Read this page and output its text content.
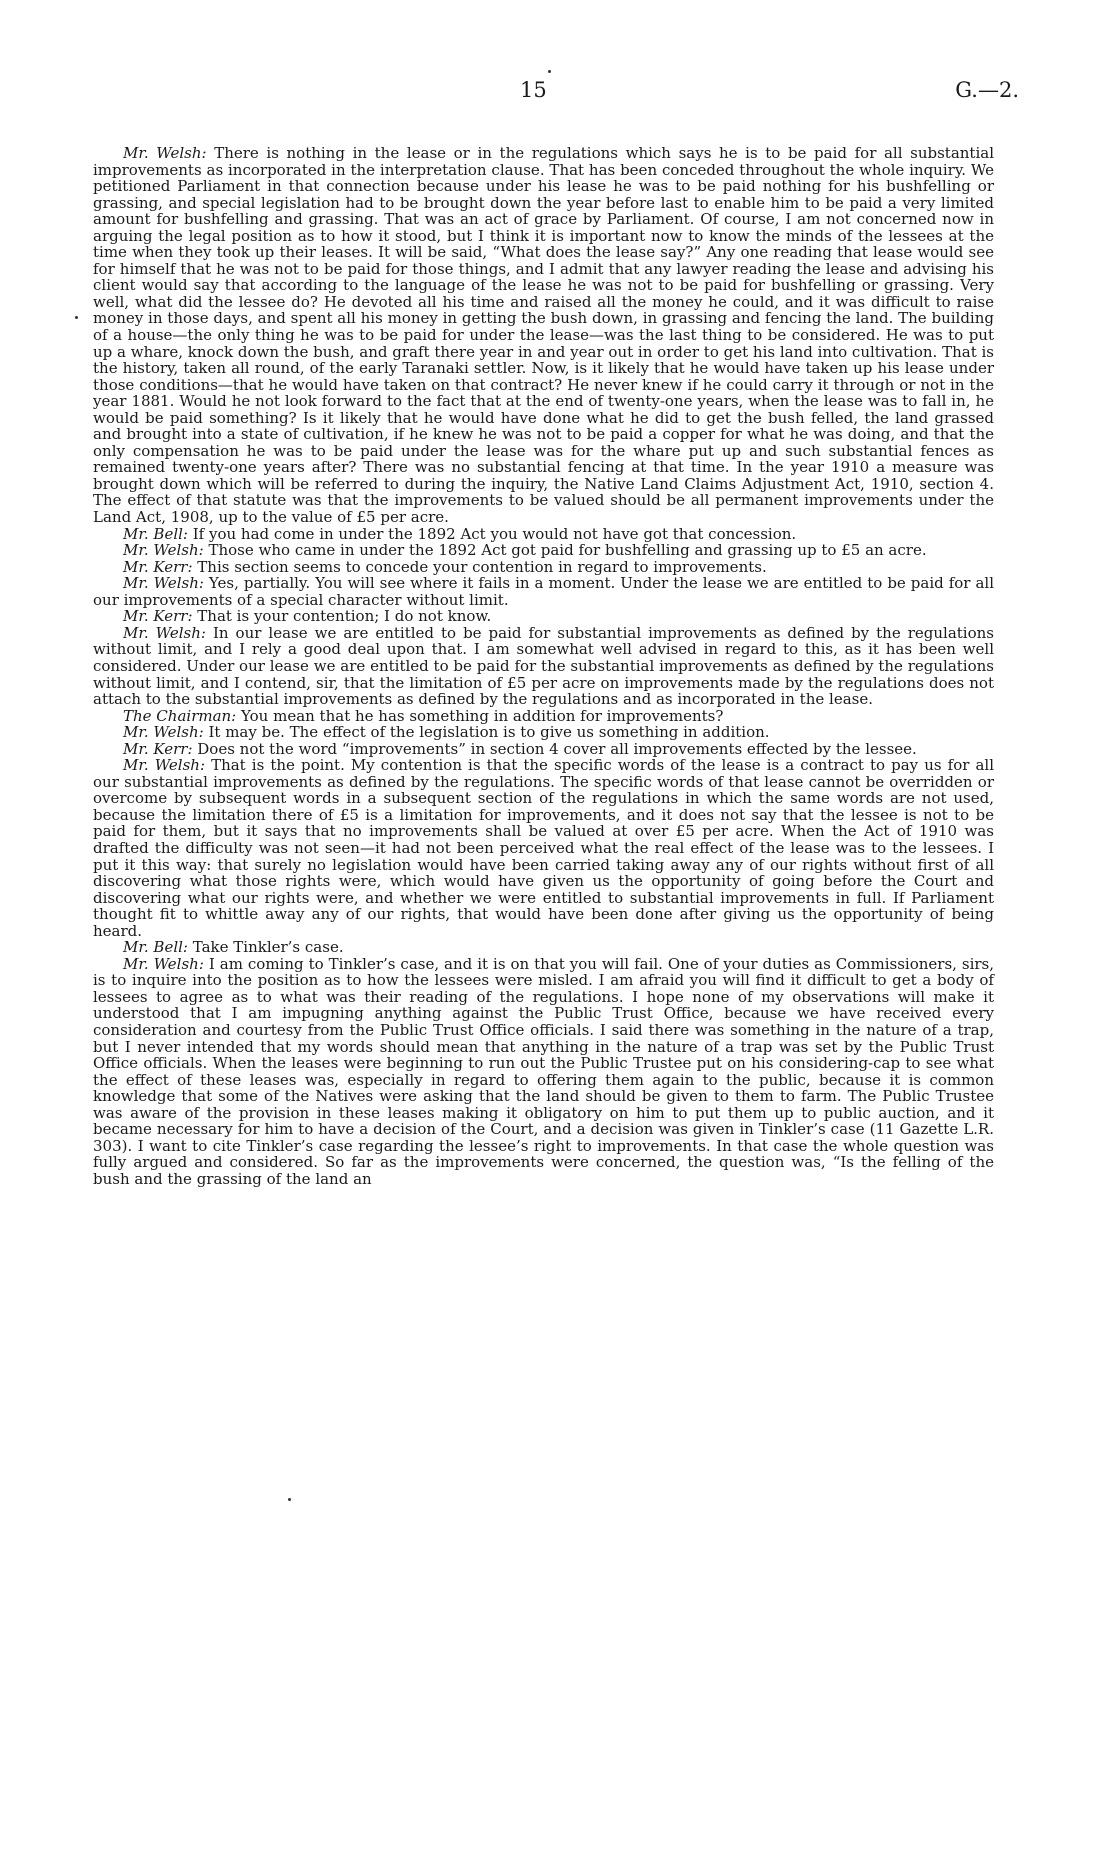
15	G.—2.

Mr. Welsh: There is nothing in the lease or in the regulations which says he is to be paid for all substantial improvements as incorporated in the interpretation clause. That has been conceded throughout the whole inquiry. We petitioned Parliament in that connection because under his lease he was to be paid nothing for his bushfelling or grassing, and special legislation had to be brought down the year before last to enable him to be paid a very limited amount for bushfelling and grassing. That was an act of grace by Parliament. Of course, I am not concerned now in arguing the legal position as to how it stood, but I think it is important now to know the minds of the lessees at the time when they took up their leases. It will be said, “What does the lease say?” Any one reading that lease would see for himself that he was not to be paid for those things, and I admit that any lawyer reading the lease and advising his client would say that according to the language of the lease he was not to be paid for bushfelling or grassing. Very well, what did the lessee do? He devoted all his time and raised all the money he could, and it was difficult to raise money in those days, and spent all his money in getting the bush down, in grassing and fencing the land. The building of a house—the only thing he was to be paid for under the lease—was the last thing to be considered. He was to put up a whare, knock down the bush, and graft there year in and year out in order to get his land into cultivation. That is the history, taken all round, of the early Taranaki settler. Now, is it likely that he would have taken up his lease under those conditions—that he would have taken on that contract? He never knew if he could carry it through or not in the year 1881. Would he not look forward to the fact that at the end of twenty-one years, when the lease was to fall in, he would be paid something? Is it likely that he would have done what he did to get the bush felled, the land grassed and brought into a state of cultivation, if he knew he was not to be paid a copper for what he was doing, and that the only compensation he was to be paid under the lease was for the whare put up and such substantial fences as remained twenty-one years after? There was no substantial fencing at that time. In the year 1910 a measure was brought down which will be referred to during the inquiry, the Native Land Claims Adjustment Act, 1910, section 4. The effect of that statute was that the improvements to be valued should be all permanent improvements under the Land Act, 1908, up to the value of £5 per acre.

Mr. Bell: If you had come in under the 1892 Act you would not have got that concession.

Mr. Welsh: Those who came in under the 1892 Act got paid for bushfelling and grassing up to £5 an acre.

Mr. Kerr: This section seems to concede your contention in regard to improvements.

Mr. Welsh: Yes, partially. You will see where it fails in a moment. Under the lease we are entitled to be paid for all our improvements of a special character without limit.

Mr. Kerr: That is your contention; I do not know.

Mr. Welsh: In our lease we are entitled to be paid for substantial improvements as defined by the regulations without limit, and I rely a good deal upon that. I am somewhat well advised in regard to this, as it has been well considered. Under our lease we are entitled to be paid for the substantial improvements as defined by the regulations without limit, and I contend, sir, that the limitation of £5 per acre on improvements made by the regulations does not attach to the substantial improvements as defined by the regulations and as incorporated in the lease.

The Chairman: You mean that he has something in addition for improvements?

Mr. Welsh: It may be. The effect of the legislation is to give us something in addition.

Mr. Kerr: Does not the word “improvements” in section 4 cover all improvements effected by the lessee.

Mr. Welsh: That is the point. My contention is that the specific words of the lease is a contract to pay us for all our substantial improvements as defined by the regulations. The specific words of that lease cannot be overridden or overcome by subsequent words in a subsequent section of the regulations in which the same words are not used, because the limitation there of £5 is a limitation for improvements, and it does not say that the lessee is not to be paid for them, but it says that no improvements shall be valued at over £5 per acre. When the Act of 1910 was drafted the difficulty was not seen—it had not been perceived what the real effect of the lease was to the lessees. I put it this way: that surely no legislation would have been carried taking away any of our rights without first of all discovering what those rights were, which would have given us the opportunity of going before the Court and discovering what our rights were, and whether we were entitled to substantial improvements in full. If Parliament thought fit to whittle away any of our rights, that would have been done after giving us the opportunity of being heard.

Mr. Bell: Take Tinkler’s case.

Mr. Welsh: I am coming to Tinkler’s case, and it is on that you will fail. One of your duties as Commissioners, sirs, is to inquire into the position as to how the lessees were misled. I am afraid you will find it difficult to get a body of lessees to agree as to what was their reading of the regulations. I hope none of my observations will make it understood that I am impugning anything against the Public Trust Office, because we have received every consideration and courtesy from the Public Trust Office officials. I said there was something in the nature of a trap, but I never intended that my words should mean that anything in the nature of a trap was set by the Public Trust Office officials. When the leases were beginning to run out the Public Trustee put on his considering-cap to see what the effect of these leases was, especially in regard to offering them again to the public, because it is common knowledge that some of the Natives were asking that the land should be given to them to farm. The Public Trustee was aware of the provision in these leases making it obligatory on him to put them up to public auction, and it became necessary for him to have a decision of the Court, and a decision was given in Tinkler’s case (11 Gazette L.R. 303). I want to cite Tinkler’s case regarding the lessee’s right to improvements. In that case the whole question was fully argued and considered. So far as the improvements were concerned, the question was, “Is the felling of the bush and the grassing of the land an
